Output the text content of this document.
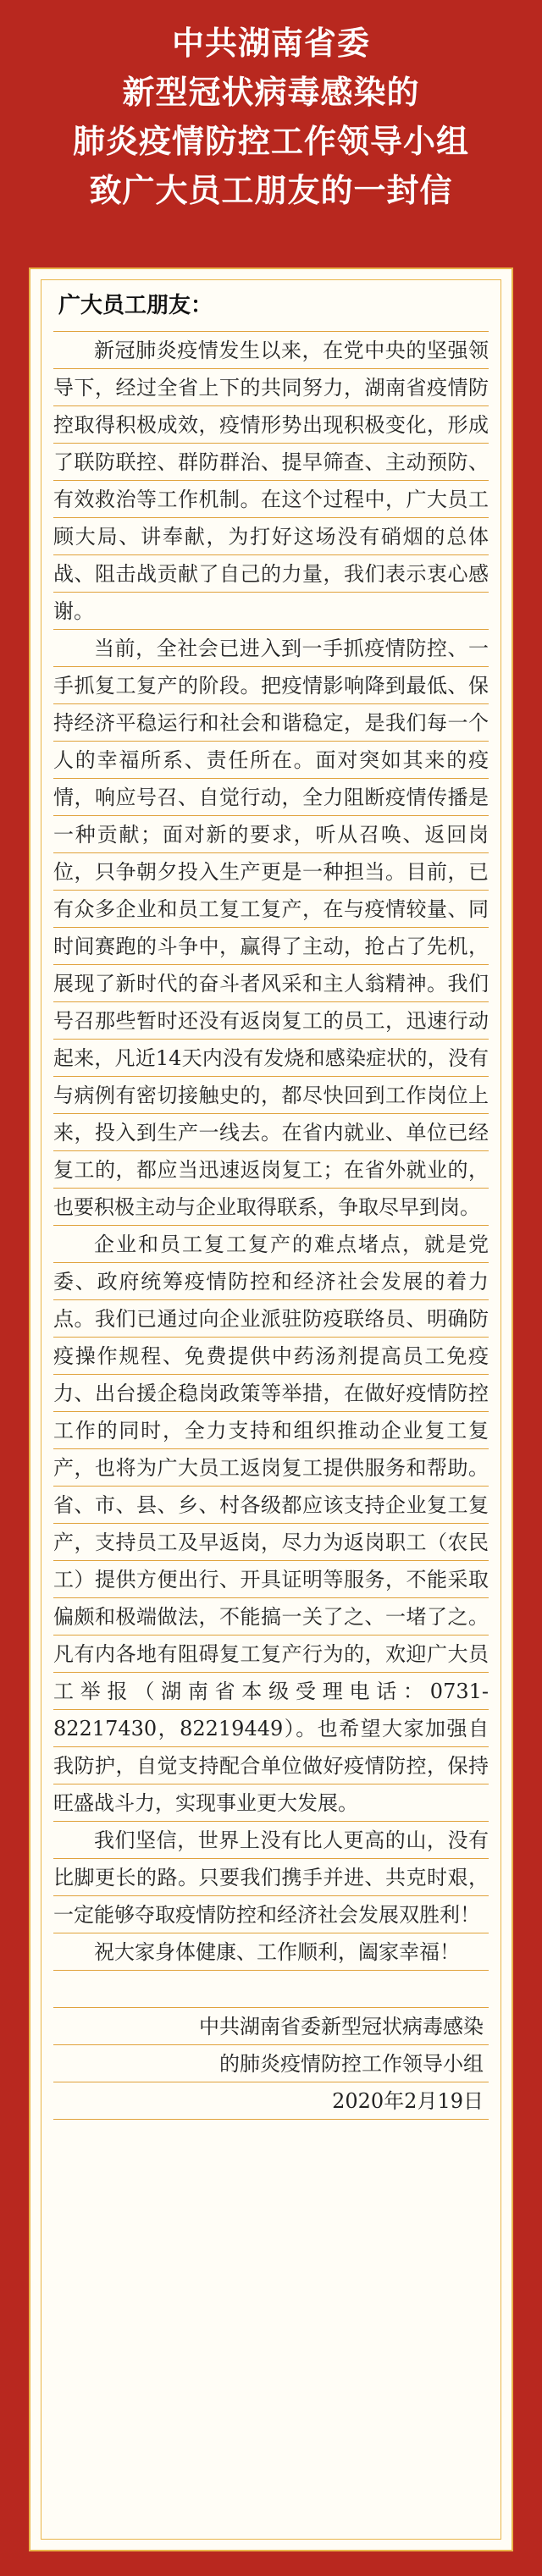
中共湖南省委
新型冠状病毒感染的
肺炎疫情防控工作领导小组
致广大员工朋友的一封信
广大员工朋友：

新冠肺炎疫情发生以来，在党中央的坚强领导下，经过全省上下的共同努力，湖南省疫情防控取得积极成效，疫情形势出现积极变化，形成了联防联控、群防群治、提早筛查、主动预防、有效救治等工作机制。在这个过程中，广大员工顾大局、讲奉献，为打好这场没有硝烟的总体战、阻击战贡献了自己的力量，我们表示衷心感谢。

当前，全社会已进入到一手抓疫情防控、一手抓复工复产的阶段。把疫情影响降到最低、保持经济平稳运行和社会和谐稳定，是我们每一个人的幸福所系、责任所在。面对突如其来的疫情，响应号召、自觉行动，全力阻断疫情传播是一种贡献；面对新的要求，听从召唤、返回岗位，只争朝夕投入生产更是一种担当。目前，已有众多企业和员工复工复产，在与疫情较量、同时间赛跑的斗争中，赢得了主动，抢占了先机，展现了新时代的奋斗者风采和主人翁精神。我们号召那些暂时还没有返岗复工的员工，迅速行动起来，凡近14天内没有发烧和感染症状的，没有与病例有密切接触史的，都尽快回到工作岗位上来，投入到生产一线去。在省内就业、单位已经复工的，都应当迅速返岗复工；在省外就业的，也要积极主动与企业取得联系，争取尽早到岗。

企业和员工复工复产的难点堵点，就是党委、政府统筹疫情防控和经济社会发展的着力点。我们已通过向企业派驻防疫联络员、明确防疫操作规程、免费提供中药汤剂提高员工免疫力、出台援企稳岗政策等举措，在做好疫情防控工作的同时，全力支持和组织推动企业复工复产，也将为广大员工返岗复工提供服务和帮助。省、市、县、乡、村各级都应该支持企业复工复产，支持员工及早返岗，尽力为返岗职工（农民工）提供方便出行、开具证明等服务，不能采取偏颇和极端做法，不能搞一关了之、一堵了之。凡有内各地有阻碍复工复产行为的，欢迎广大员工举报（湖南省本级受理电话：0731-82217430，82219449）。也希望大家加强自我防护，自觉支持配合单位做好疫情防控，保持旺盛战斗力，实现事业更大发展。

我们坚信，世界上没有比人更高的山，没有比脚更长的路。只要我们携手并进、共克时艰，一定能够夺取疫情防控和经济社会发展双胜利！

祝大家身体健康、工作顺利，阖家幸福！

中共湖南省委新型冠状病毒感染
的肺炎疫情防控工作领导小组
2020年2月19日
